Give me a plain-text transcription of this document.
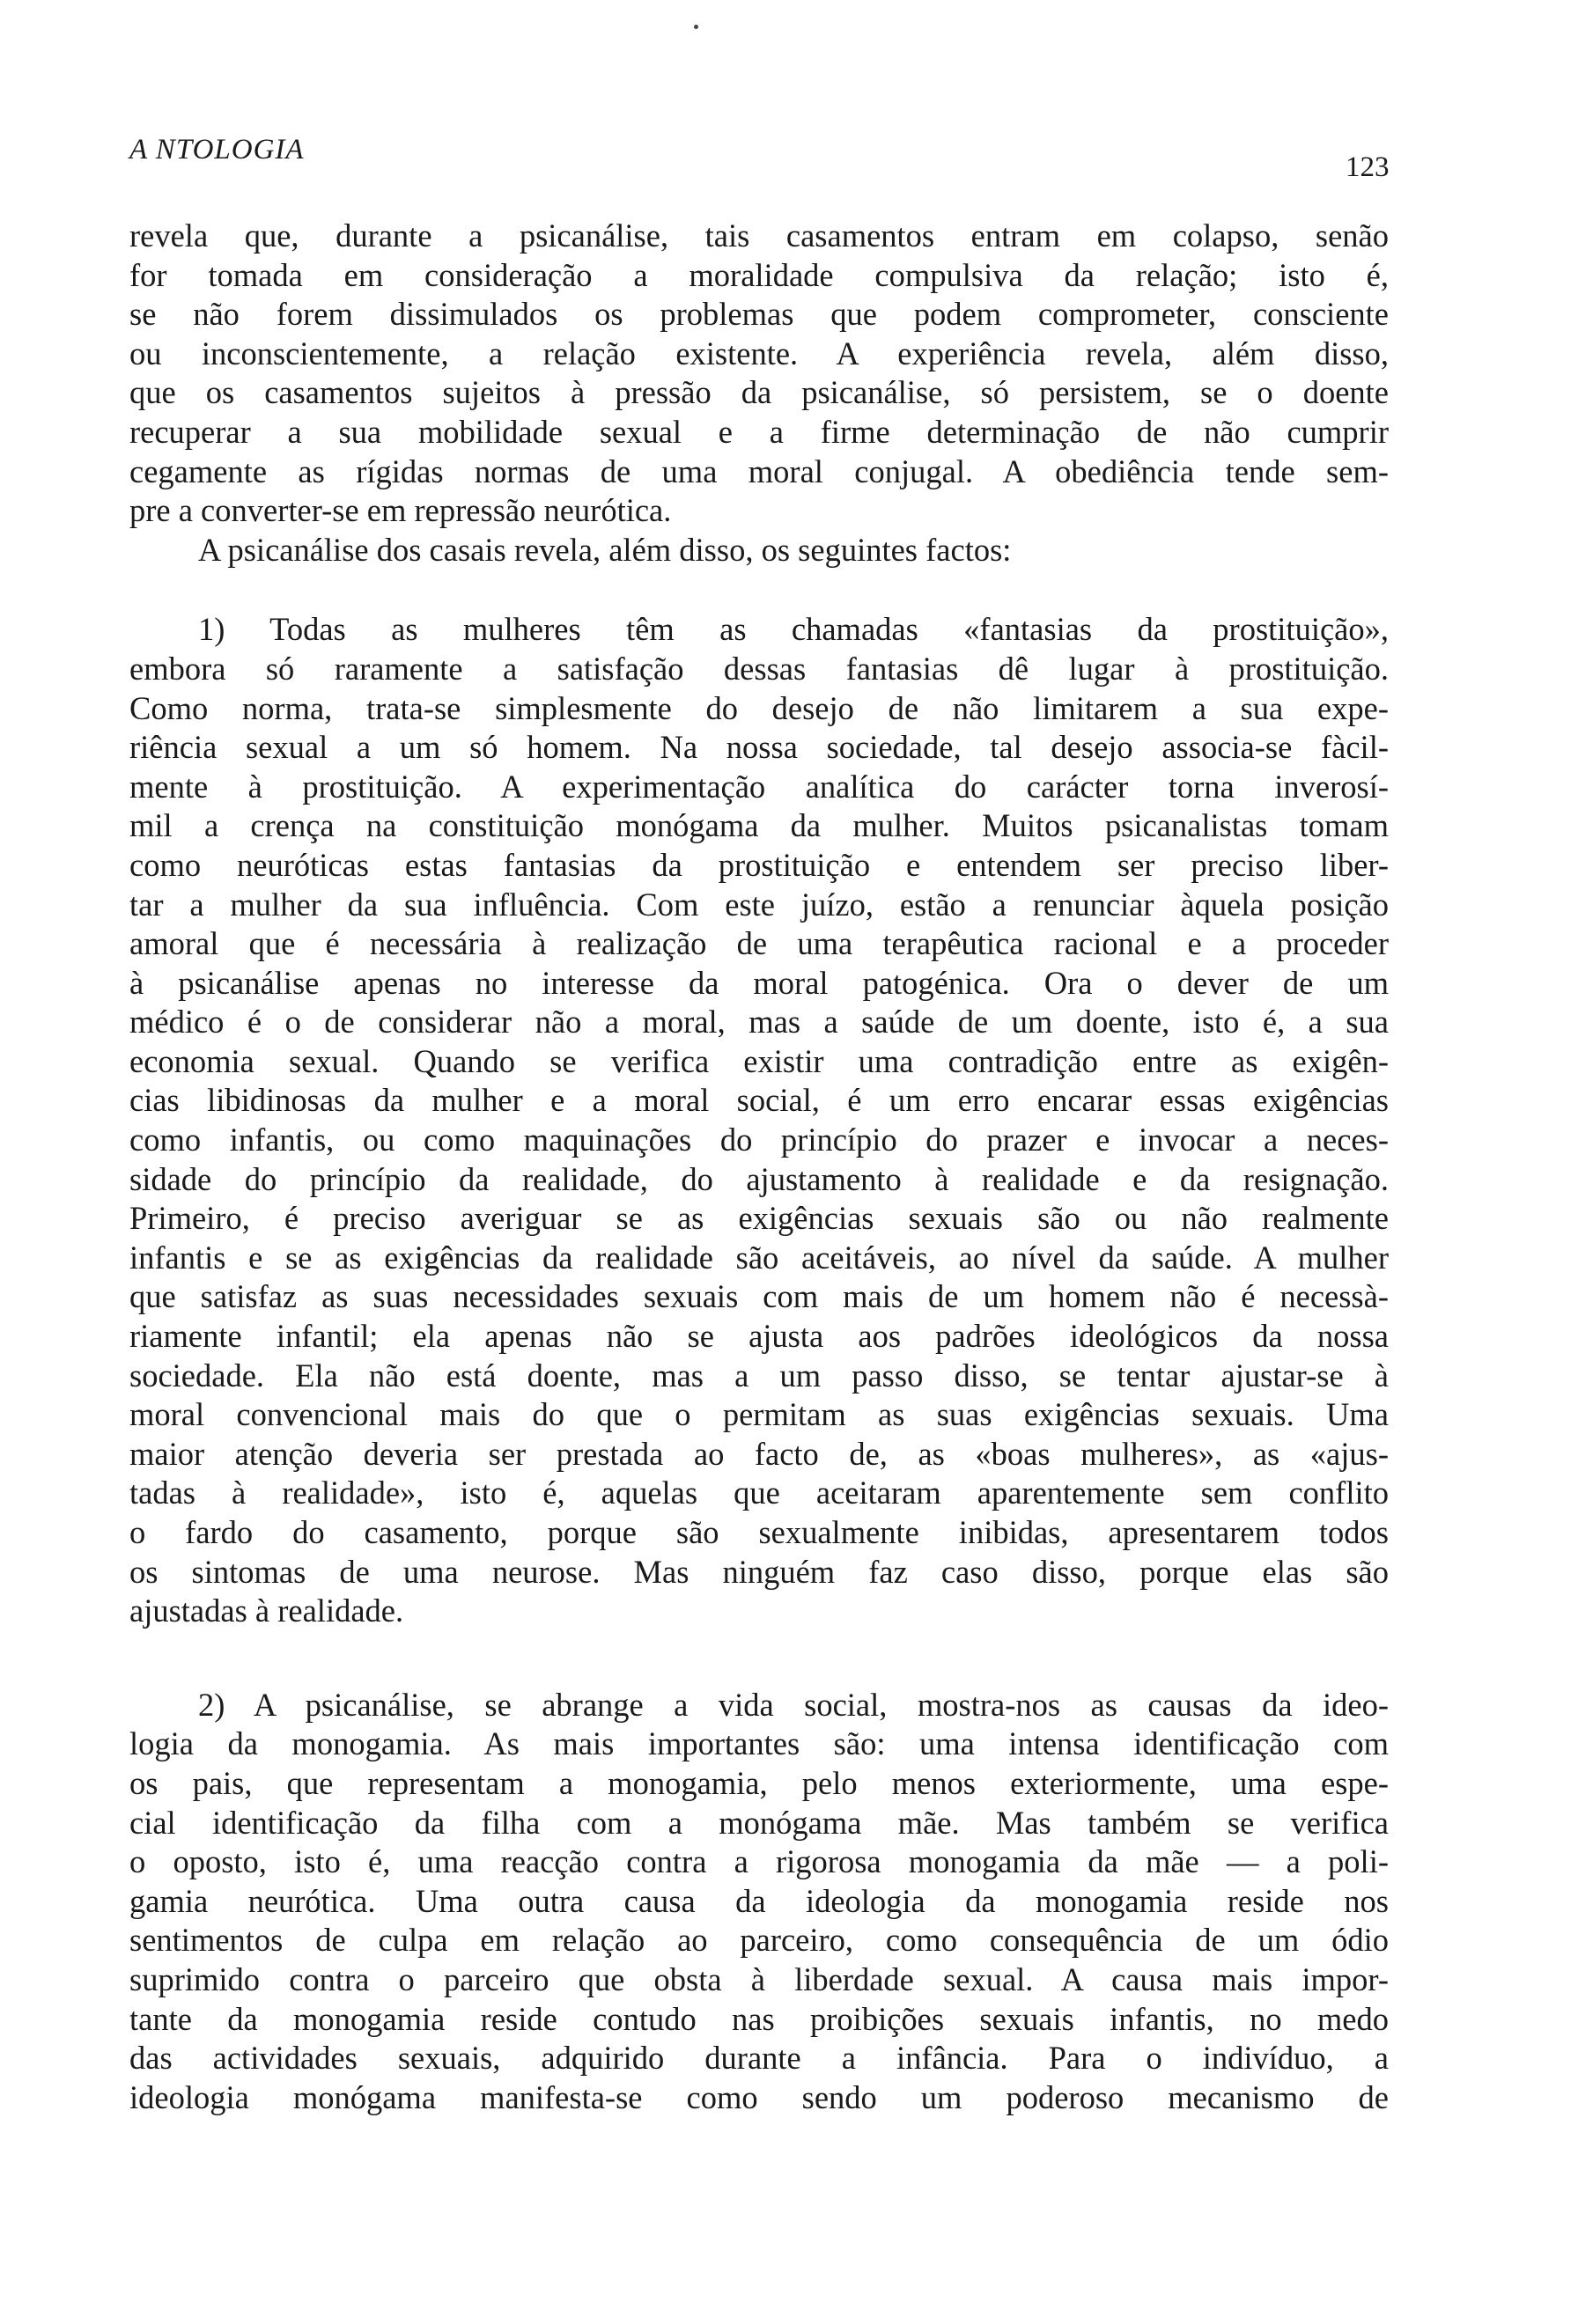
A NTOLOGIA
123

revela que, durante a psicanálise, tais casamentos entram em colapso, senão

for tomada em consideração a moralidade compulsiva da relação; isto é,

se não forem dissimulados os problemas que podem comprometer, consciente

ou inconscientemente, a relação existente. A experiência revela, além disso,

que os casamentos sujeitos à pressão da psicanálise, só persistem, se o doente

recuperar a sua mobilidade sexual e a firme determinação de não cumprir

cegamente as rígidas normas de uma moral conjugal. A obediência tende sem-

pre a converter-se em repressão neurótica.

A psicanálise dos casais revela, além disso, os seguintes factos:

1) Todas as mulheres têm as chamadas «fantasias da prostituição»,

embora só raramente a satisfação dessas fantasias dê lugar à prostituição.

Como norma, trata-se simplesmente do desejo de não limitarem a sua expe-

riência sexual a um só homem. Na nossa sociedade, tal desejo associa-se fàcil-

mente à prostituição. A experimentação analítica do carácter torna inverosí-

mil a crença na constituição monógama da mulher. Muitos psicanalistas tomam

como neuróticas estas fantasias da prostituição e entendem ser preciso liber-

tar a mulher da sua influência. Com este juízo, estão a renunciar àquela posição

amoral que é necessária à realização de uma terapêutica racional e a proceder

à psicanálise apenas no interesse da moral patogénica. Ora o dever de um

médico é o de considerar não a moral, mas a saúde de um doente, isto é, a sua

economia sexual. Quando se verifica existir uma contradição entre as exigên-

cias libidinosas da mulher e a moral social, é um erro encarar essas exigências

como infantis, ou como maquinações do princípio do prazer e invocar a neces-

sidade do princípio da realidade, do ajustamento à realidade e da resignação.

Primeiro, é preciso averiguar se as exigências sexuais são ou não realmente

infantis e se as exigências da realidade são aceitáveis, ao nível da saúde. A mulher

que satisfaz as suas necessidades sexuais com mais de um homem não é necessà-

riamente infantil; ela apenas não se ajusta aos padrões ideológicos da nossa

sociedade. Ela não está doente, mas a um passo disso, se tentar ajustar-se à

moral convencional mais do que o permitam as suas exigências sexuais. Uma

maior atenção deveria ser prestada ao facto de, as «boas mulheres», as «ajus-

tadas à realidade», isto é, aquelas que aceitaram aparentemente sem conflito

o fardo do casamento, porque são sexualmente inibidas, apresentarem todos

os sintomas de uma neurose. Mas ninguém faz caso disso, porque elas são

ajustadas à realidade.

2) A psicanálise, se abrange a vida social, mostra-nos as causas da ideo-

logia da monogamia. As mais importantes são: uma intensa identificação com

os pais, que representam a monogamia, pelo menos exteriormente, uma espe-

cial identificação da filha com a monógama mãe. Mas também se verifica

o oposto, isto é, uma reacção contra a rigorosa monogamia da mãe — a poli-

gamia neurótica. Uma outra causa da ideologia da monogamia reside nos

sentimentos de culpa em relação ao parceiro, como consequência de um ódio

suprimido contra o parceiro que obsta à liberdade sexual. A causa mais impor-

tante da monogamia reside contudo nas proibições sexuais infantis, no medo

das actividades sexuais, adquirido durante a infância. Para o indivíduo, a

ideologia monógama manifesta-se como sendo um poderoso mecanismo de
